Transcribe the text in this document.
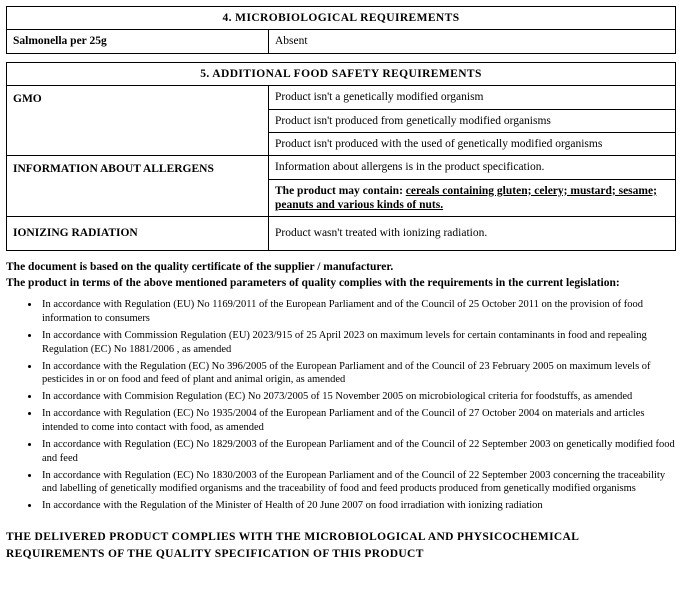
4. MICROBIOLOGICAL REQUIREMENTS
Salmonella per 25g	Absent
5. ADDITIONAL FOOD SAFETY REQUIREMENTS	
GMO	Product isn't a genetically modified organism
	Product isn't produced from genetically modified organisms
	Product isn't produced with the used of genetically modified organisms
INFORMATION ABOUT ALLERGENS	Information about allergens is in the product specification.
	The product may contain: cereals containing gluten; celery; mustard; sesame; peanuts and various kinds of nuts.
IONIZING RADIATION	Product wasn't treated with ionizing radiation.

The document is based on the quality certificate of the supplier / manufacturer.

The product in terms of the above mentioned parameters of quality complies with the requirements in the current legislation:

• In accordance with Regulation (EU) No 1169/2011 of the European Parliament and of the Council of 25 October 2011 on the provision of food information to consumers
• In accordance with Commission Regulation (EU) 2023/915 of 25 April 2023 on maximum levels for certain contaminants in food and repealing Regulation (EC) No 1881/2006 , as amended
• In accordance with the Regulation (EC) No 396/2005 of the European Parliament and of the Council of 23 February 2005 on maximum levels of pesticides in or on food and feed of plant and animal origin, as amended
• In accordance with Commision Regulation (EC) No 2073/2005 of 15 November 2005 on microbiological criteria for foodstuffs, as amended
• In accordance with Regulation (EC) No 1935/2004 of the European Parliament and of the Council of 27 October 2004 on materials and articles intended to come into contact with food, as amended
• In accordance with Regulation (EC) No 1829/2003 of the European Parliament and of the Council of 22 September 2003 on genetically modified food and feed
• In accordance with Regulation (EC) No 1830/2003 of the European Parliament and of the Council of 22 September 2003 concerning the traceability and labelling of genetically modified organisms and the traceability of food and feed products produced from genetically modified organisms
• In accordance with the Regulation of the Minister of Health of 20 June 2007 on food irradiation with ionizing radiation
THE DELIVERED PRODUCT COMPLIES WITH THE MICROBIOLOGICAL AND PHYSICOCHEMICAL
REQUIREMENTS OF THE QUALITY SPECIFICATION OF THIS PRODUCT
